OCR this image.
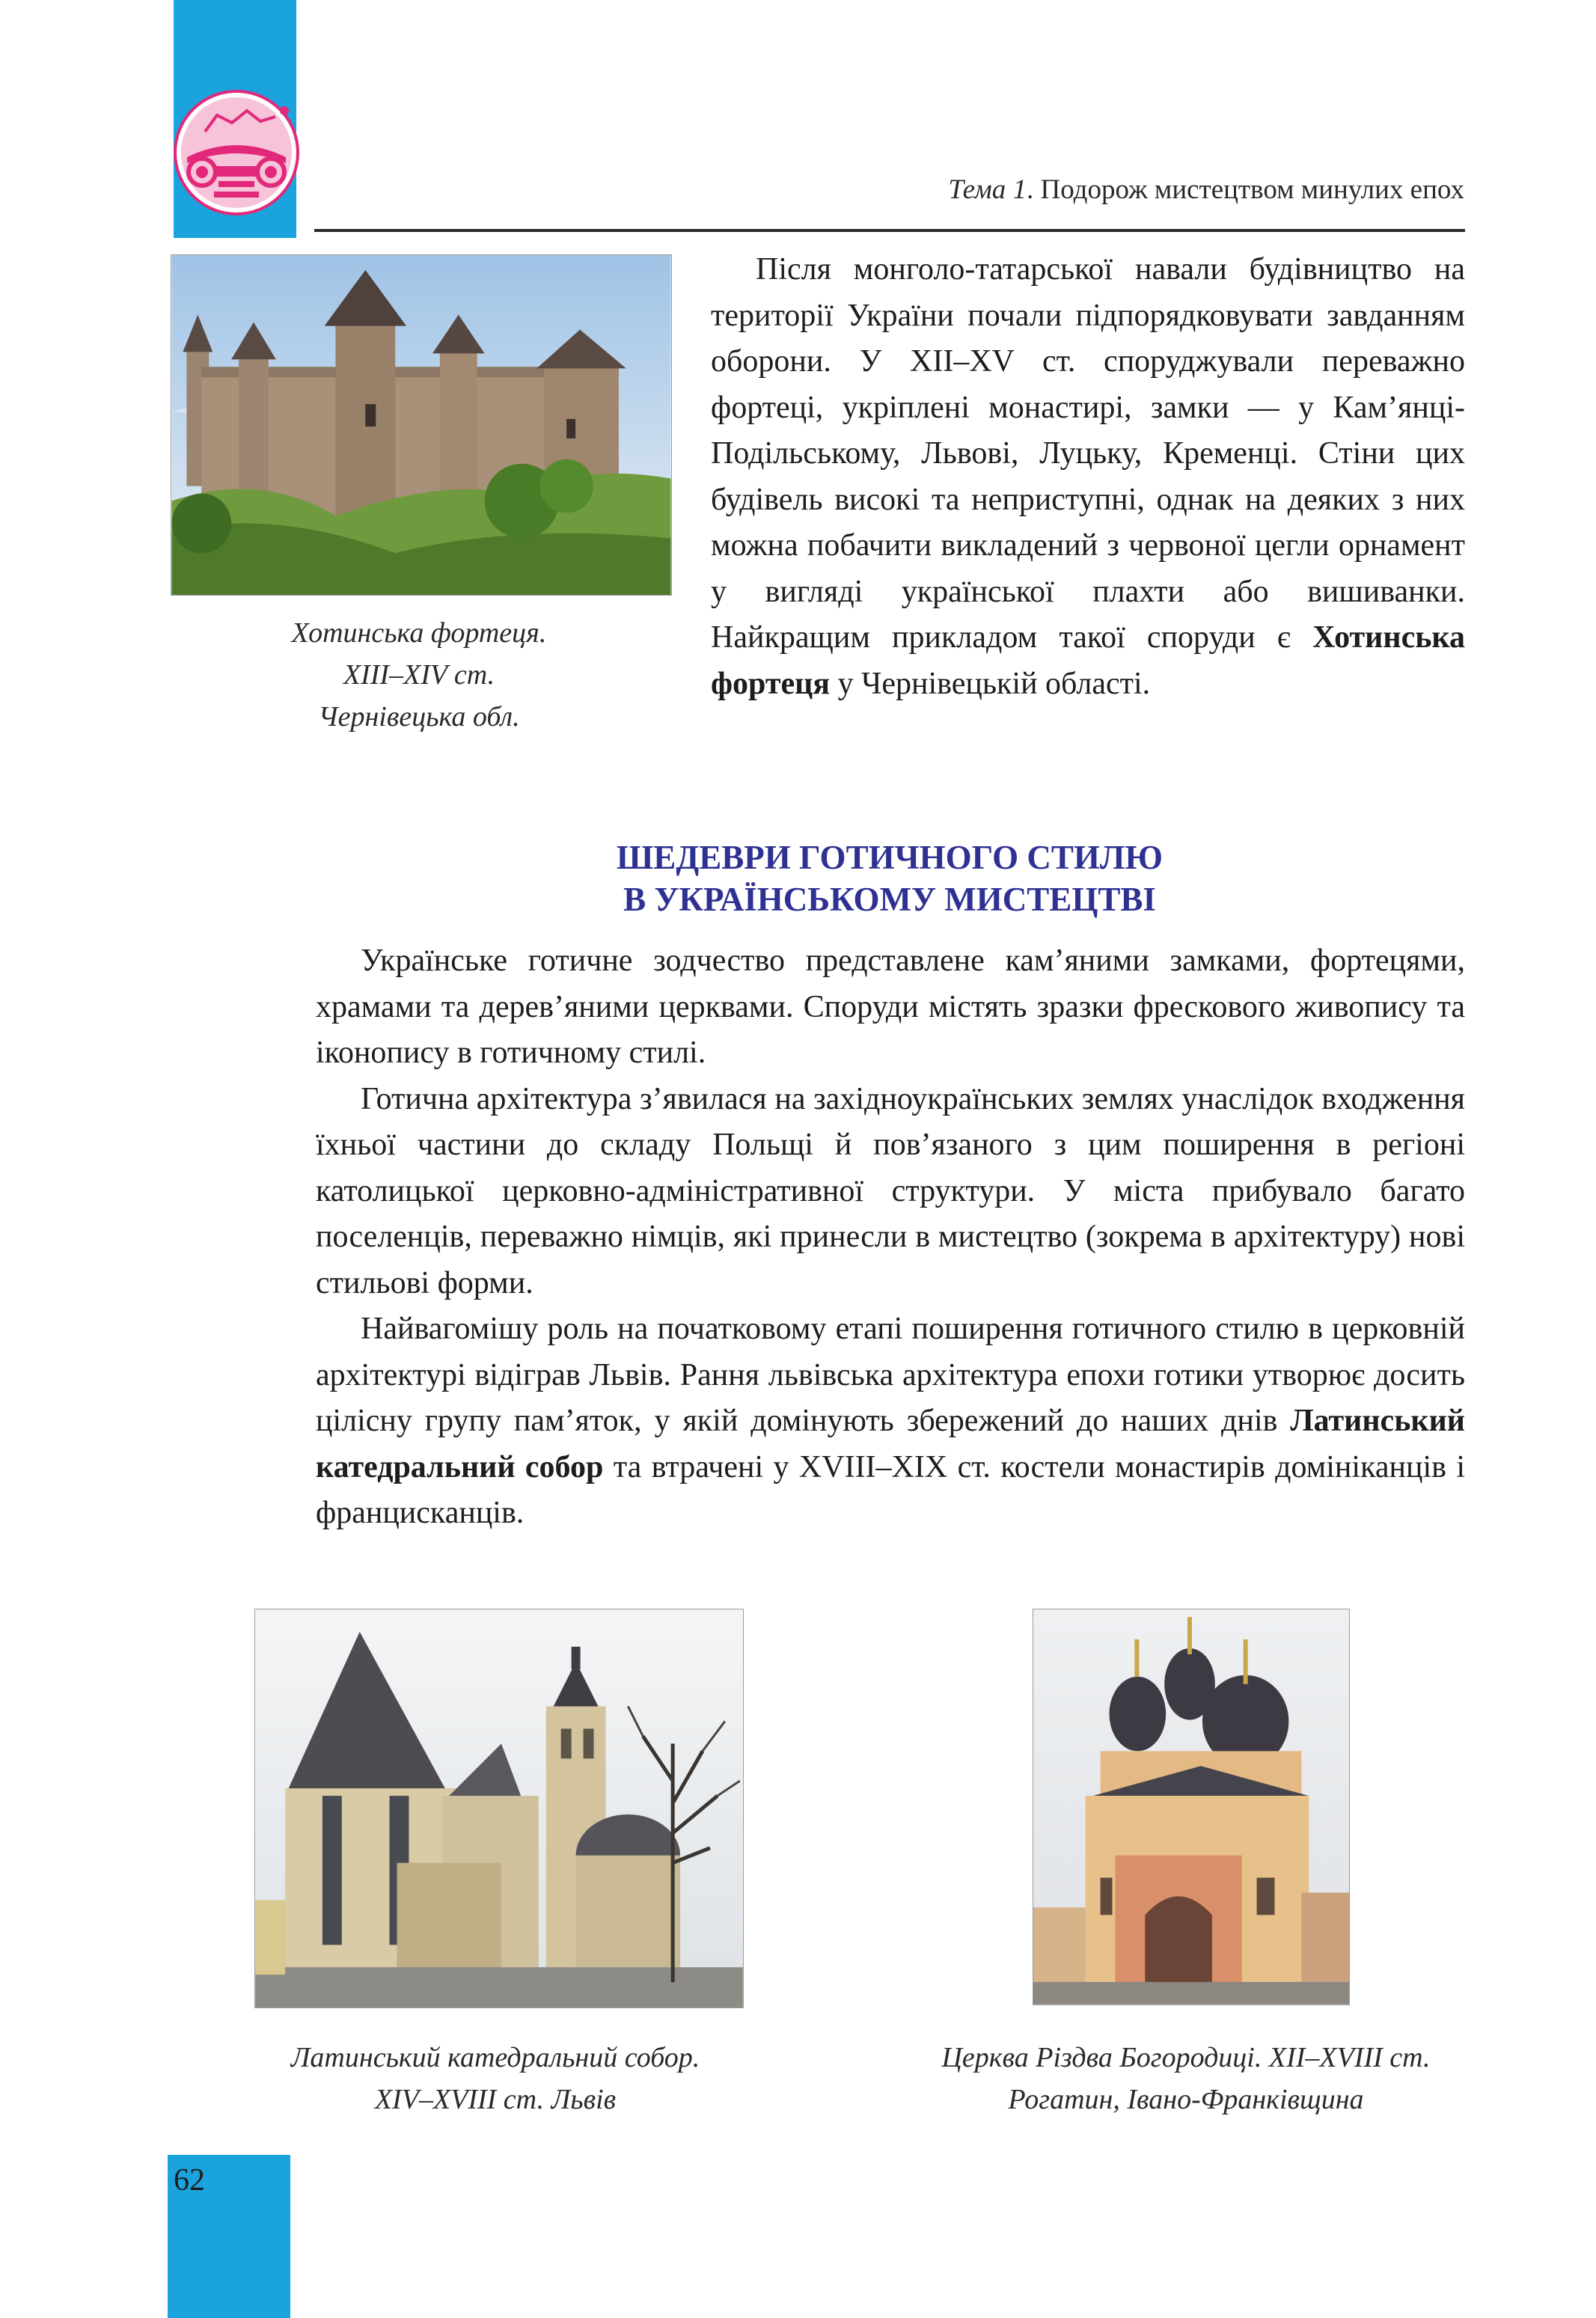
Тема 1. Подорож мистецтвом минулих епох
Хотинська фортеця.
XIII–XIV ст.
Чернівецька обл.

Після монголо-татарської навали будівництво на території України почали підпорядковувати завданням оборони. У XII–XV ст. споруджували переважно фортеці, укріплені монастирі, замки — у Кам’янці-Подільському, Львові, Луцьку, Кременці. Стіни цих будівель високі та неприступні, однак на деяких з них можна побачити викладений з червоної цегли орнамент у вигляді української плахти або вишиванки. Найкращим прикладом такої споруди є Хотинська фортеця у Чернівецькій області.

ШЕДЕВРИ ГОТИЧНОГО СТИЛЮ
В УКРАЇНСЬКОМУ МИСТЕЦТВІ

Українське готичне зодчество представлене кам’яними замками, фортецями, храмами та дерев’яними церквами. Споруди містять зразки фрескового живопису та іконопису в готичному стилі.

Готична архітектура з’явилася на західноукраїнських землях унаслідок входження їхньої частини до складу Польщі й пов’язаного з цим поширення в регіоні католицької церковно-адміністративної структури. У міста прибувало багато поселенців, переважно німців, які принесли в мистецтво (зокрема в архітектуру) нові стильові форми.

Найвагомішу роль на початковому етапі поширення готичного стилю в церковній архітектурі відіграв Львів. Рання львівська архітектура епохи готики утворює досить цілісну групу пам’яток, у якій домінують збережений до наших днів Латинський катедральний собор та втрачені у XVIII–XIX ст. костели монастирів домініканців і францисканців.

Латинський катедральний собор.
XIV–XVIII ст. Львів
Церква Різдва Богородиці. XII–XVIII ст.
Рогатин, Івано-Франківщина
62
